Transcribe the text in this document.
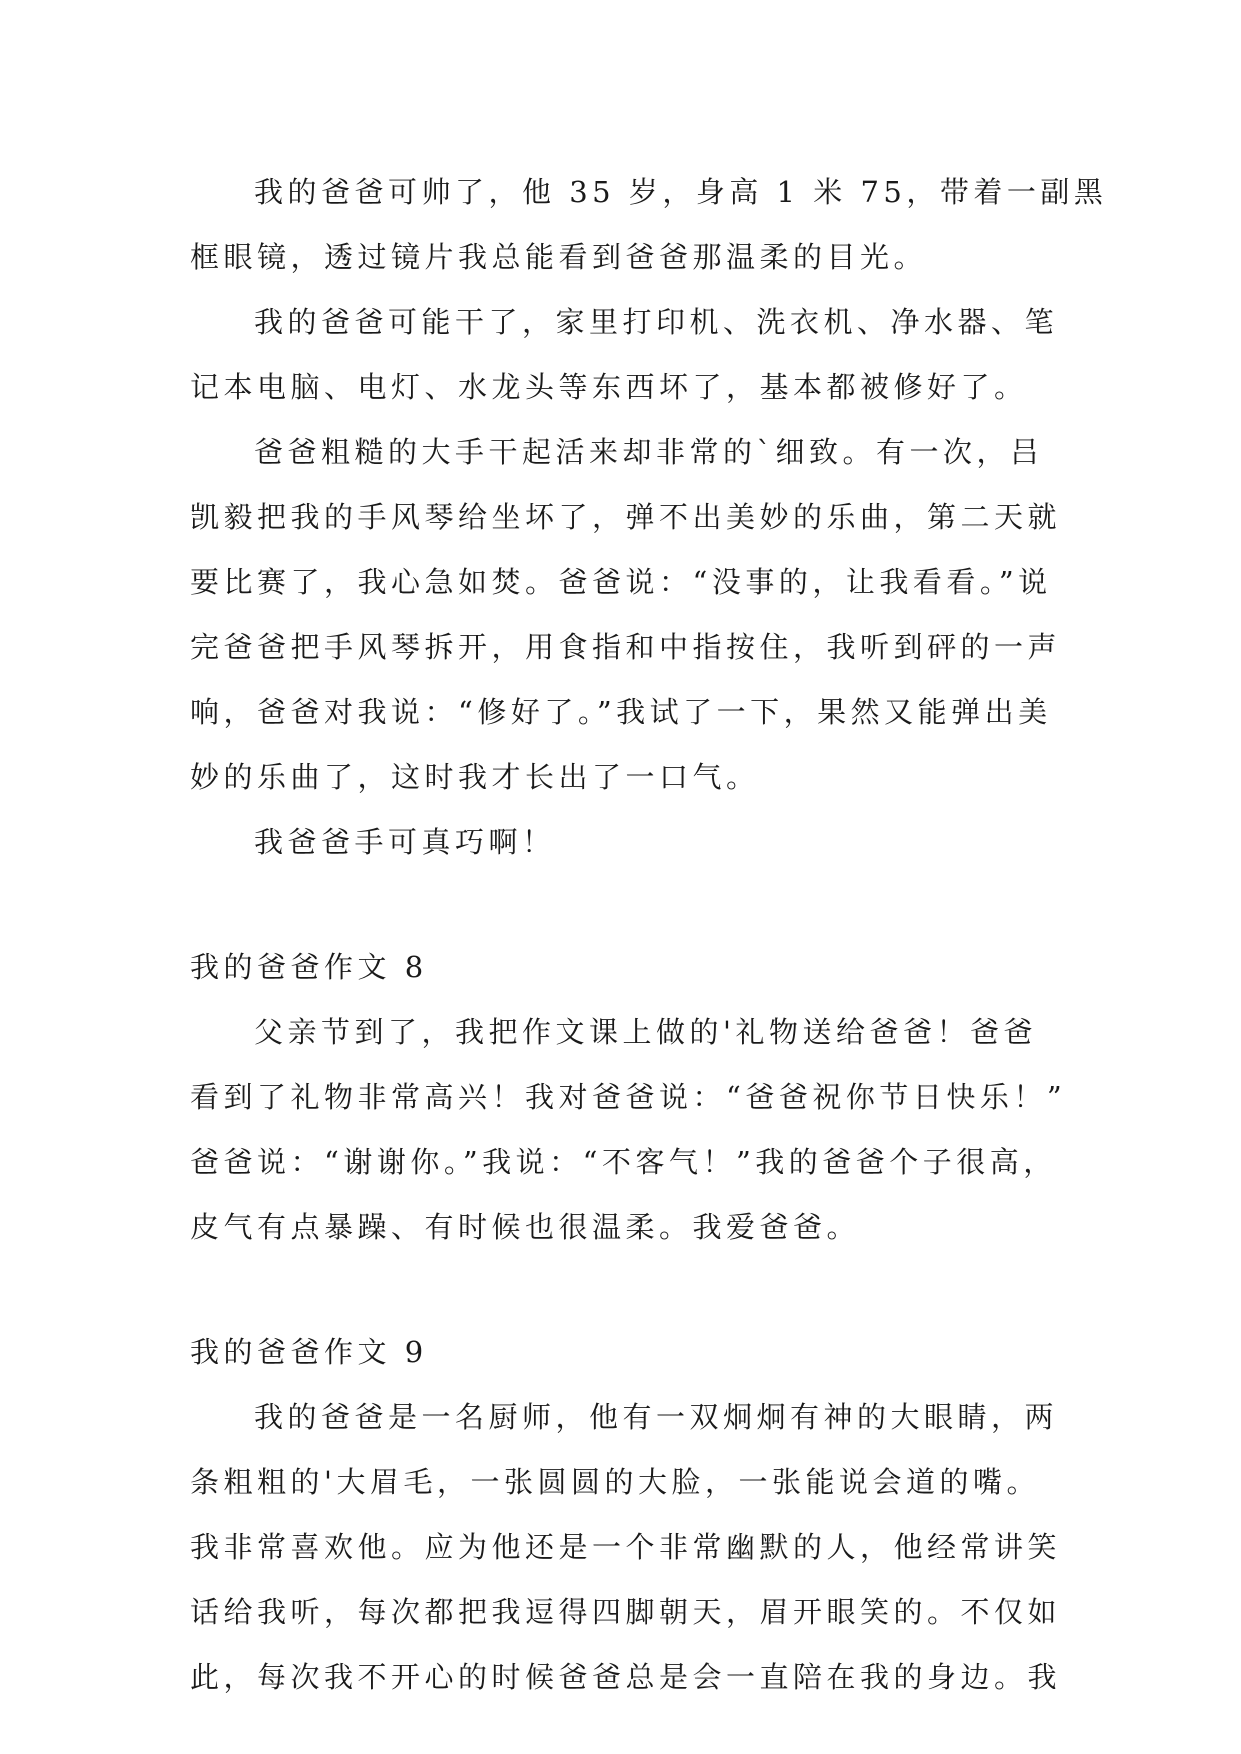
我的爸爸可帅了，他 35 岁，身高 1 米 75，带着一副黑
框眼镜，透过镜片我总能看到爸爸那温柔的目光。
我的爸爸可能干了，家里打印机、洗衣机、净水器、笔
记本电脑、电灯、水龙头等东西坏了，基本都被修好了。
爸爸粗糙的大手干起活来却非常的`细致。有一次，吕
凯毅把我的手风琴给坐坏了，弹不出美妙的乐曲，第二天就
要比赛了，我心急如焚。爸爸说：“没事的，让我看看。”说
完爸爸把手风琴拆开，用食指和中指按住，我听到砰的一声
响，爸爸对我说：“修好了。”我试了一下，果然又能弹出美
妙的乐曲了，这时我才长出了一口气。
我爸爸手可真巧啊！
我的爸爸作文 8
父亲节到了，我把作文课上做的'礼物送给爸爸！爸爸
看到了礼物非常高兴！我对爸爸说：“爸爸祝你节日快乐！”
爸爸说：“谢谢你。”我说：“不客气！”我的爸爸个子很高，
皮气有点暴躁、有时候也很温柔。我爱爸爸。
我的爸爸作文 9
我的爸爸是一名厨师，他有一双炯炯有神的大眼睛，两
条粗粗的'大眉毛，一张圆圆的大脸，一张能说会道的嘴。
我非常喜欢他。应为他还是一个非常幽默的人，他经常讲笑
话给我听，每次都把我逗得四脚朝天，眉开眼笑的。不仅如
此，每次我不开心的时候爸爸总是会一直陪在我的身边。我
